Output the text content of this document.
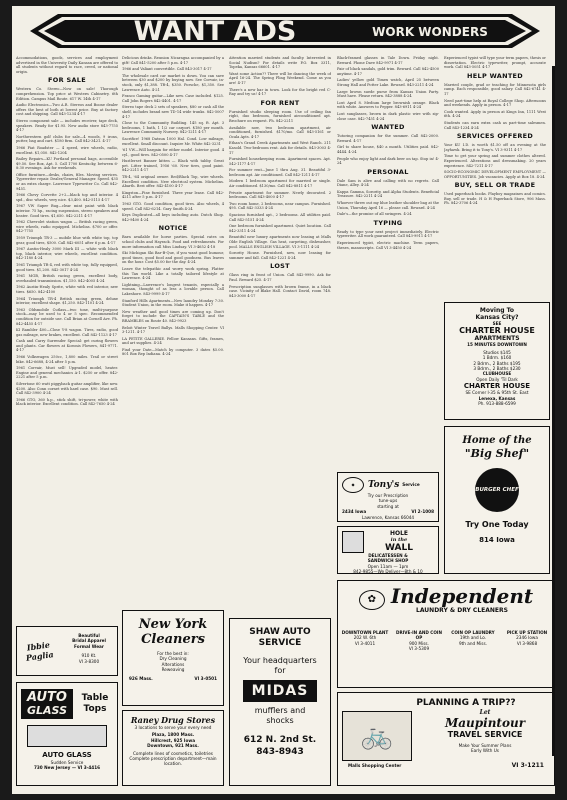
WANT ADS	WORK WONDERS

Accommodations, goods, services and employment advertised in the University Daily Kansan are offered to all students without regard to race, creed, or national origin.

FOR SALE

Western Co. Stereo—Now on sale! Thorough comprehension. Top price at Western Cabinetry. 6th Edition. Campus Mail Route. 617 W. 14th 4-17

Audio Electronics—Two A.R. Stereos and Boone dealer offers the best of both at lowest price. Buy at factory cost and shipping. Call 843-1234 4-17

Stereo component sale — includes receiver, tape deck, speakers. Ready for $1.95. New audio store 843-7755 4-17

Northwestern golf clubs for sale—4 woods, 9 irons, putter, bag and cart. $180 firm. Call 842-3421. 4-17

1966 Fiat Roadster — 4 speed, wire wheels, radio, excellent. $1,050. 842-1204

Bailey Repairs—KU Portland personal bags, accessible $9.50. See Box, Apt. 5. Call 1700 Kentucky, between 6-8:30 evenings. Ask for weekends.

Office furniture—desks, chairs, files. Moving services. Typewriter repair. Dealer/General Manager. Speed. $35 or an extra charge. Lawrence Typewriter Co. Call 842-9451.

1966 Chevy Corvette 2+2—black top and interior. 4 spd., disc wheels, very nice. $3,400. 842-5115 4-17

1967 VW Super Bug—clear mint paint with black interior. 75 hp., racing suspension, stereo speakers and heater. Good tires. $1,650. 842-2211 4-17

1962 Chevrolet station wagon — British racing green, wire wheels, radio equipped. Michelins. $700 or offer. 842-7755

1959 Triumph TR-3 — mobile blue with white top, top gear, good tires, $500. Call 842-6051 after 6 p.m. 4-17

1967 Austin-Healy 3000 Mark III — white with black top, black interior, wire wheels, excellent condition. 842-1180 4-24

1961 Triumph TR-4, red with white top, fully equipped, good tires. $1,200. 842-3017 4-24

1961 MGB, British racing green, excellent body, overhauled transmission. $1,150. 842-4005 4-24

1962 Austin-Healy Sprite, white with red interior, new tires. $650. 842-4100

1964 Triumph TR-4 British racing green, deluxe interior, excellent shape. $1,250. 842-1101 4-24

1963 Oldsmobile Cutlass—two tone, multi-purpose stock—may be used to 4 or 5 spec. Recommended condition for outside use. Call Brian at Cornell Ave. Ph. 842-4455 4-17

KI Rambler 400—Close Y-8 wagon. Tires, radio, good gas mileage, new brakes, excellent. Call 842-1123 4-17

Cash and Carry Surrender Special: get curing flowers and plants. Car flowers at Koronis Flowers, 841-9771. 4-17

1966 Volkswagen 250cc, 1,800 miles. Trail or street bike. 842-6688, 4-24 after 5 p.m.

1961 Corvair, Must sell! Upgraded model, heater. Engine and general mechanics A-1. $250 or offer. 842-2221 after 5 p.m.

Silvertone 60 watt piggyback guitar amplifier, like new. $200. Also Conn cornet with hard case. $90. Must sell. Call 842-3900 4-24

1966 GTO, 360 h.p., stick shift, tri-power, white with black interior. Excellent condition. Call 842-7650 4-24

Delicious drinks. Reunion Nicaragua accompanied by a gift! Call 841-5200 after 5 p.m. 4-17

1966 and Valiant convertible. Call 843-3017 4-17

The wholesale card car market is down. You can save between $30 and $200 by buying now. See Corvair, in-stock, only $1,388. TR-4, $350. Porsche, $1,350. See Lawrence Auto. 4-21

Franco Gaming guitar—Like new. Case included. $125. Call John Rogers 842-4401. 4-17

Stereo tape deck 2 sets of speakers, $80 or cash all the shelf, includes brand new TD-14 wide trunks. 842-5007 4-17

Close to the Community Building. 145 sq. ft. Apt. 3 bedrooms, 1 bath, 1 1/2 car carport. $180 per month. Lawrence Community Nursery. 842-1211 4-17

Sacrifice! 1968 Datsun 1000 Hal. Cond. Low mileage, excellent. Small discount. Inquire Mr. White 842-3231

'61 VW—Will bargain for either model. Interior good. 4 cyl., good tires. 842-0500 4-17

Hustlerset Banner kitten — Black with tabby. Great pet. Litter trained, 1956 '60. New tires, good paint. 842-2211 4-17

TR-4, '64 original owner. Red/Black Top, wire wheels. Excellent condition. New electrical system. Michelins. Abarth. Best offer. 842-4100 4-17

Kingston—Fine furnished. Three year lease. Call 842-4211 after 5 p.m. 4-17

1963 GTO. Good condition, good tires. Also wheels, 4 speed. Call 842-6214. Gary Smith 4-24

Keys Duplicated—all keys including auto. Dutch Shop. 842-9400 4-24

NOTICE

Barn available for horse parties. Special rates on school clubs and Hayrack. Food and refreshments. For more information call Miss Lindsay. VI 3-4652 4-18

Ski Michigan Ski Bar-B-Que, if you want good humour, good times, good food and good goodness. Bus leaves on the hour. Cost $5.00 for the day. 4-24

Leave the telepathic and worry work spring. Flatter this Tax world. Like a totally tailored lifestyle at Lawrence. 4-24

Lightning—Lawrence's longest tenants, especially a woman, thought of as less a lovable person. Call Lakeshore. 843-9999 4-17

Stanford Hills Apartments—New laundry Monday 7:30. Student Union, in the room. Make it happen. 4-17

New weather and good times are coming up. Don't forget to include the CAPTAIN'S TABLE and the BRAMBLES on Route 40. 842-9923

Beloit Winter Travel Ballys. Malls Shopping Center. VI 3-1211. 4-17

LA PETITE GALLERIE. Fellow Kansans. Gifts, frames, and art supplies. 4-24

Find your Date—Match by computer. 3 dates $5.00. 801 Box Rep Indiana. 4-24

Attention married students and faculty. Interested in Social Nudism? For details write P.O. Box 3311, Topeka, Kansas 66601. 4-17

Want some Action?? There will be dancing the week of April 16-24. The Spring Fling Weekend. Come as you are! 4-17

There's a new bar in town. Look for the bright red C-Ray and try us! 4-17

FOR RENT

Furnished studio sleeping room. Use of ceiling fan right, duo bedroom, furnished airconditioned apt. Brochure on request. Ph. 842-2211

Available now, two bedroom apartment, air conditioned, furnished. $170/mo. Call 843-5161 or Ocala Apts. 4-17

Ethan's Grand Creek Apartments and West Ranch. 211 Kasold. Two-bedroom rent. Ask for details. 843-3003 4-17

Furnished housekeeping room. Apartment spaces. Apt. 542-1177 4-17

For summer rent—June 1 thru Aug. 31. Beautiful 3-bedroom apt. Air conditioned. Call 842-1211 4-17

Modern 1 bedroom apartment for married or single. Air conditioned. $130/mo. Call 842-8811 4-17

Private apartment for summer. Newly decorated. 2 bedrooms. Call 843-4000 4-17

Two room home, 2 bedrooms, near campus. Furnished. $95. Call 842-3333 4-24

Spacious furnished apt., 2 bedrooms. All utilities paid. Call 842-5151 4-24

One bedroom furnished apartment. Quiet location. Call 842-3311 4-24

Beautiful new luxury apartments now leasing at Malls Olde English Village. Gas heat, carpeting, dishwasher, pool. MALLS ENGLISH VILLAGE. VI 3-1111 4-24

Sorority House. Furnished, new, now leasing for summer and fall. Call 842-1221 4-24

LOST

Glass ring in front of Union. Call 842-9990. Ask for Paul. Reward $25. 4-17

Prescription sunglasses with brown frame, in a black case. Vicinity of Blake Hall. Contact David, room 748. 843-3000 4-17

Black-framed glasses in Tale Down. Friday night. Reward. Phone Dave 842-9971 4-17

Pair of black sandals, gold trim. Reward. Call 842-4500 anytime. 4-17

Ladies' yellow gold Timex watch, April 25 between Strong Hall and Potter Lake. Reward. 843-2211 4-24

Large brown suede purse from Kansas Union Party. Must have. Please return. 842-3888 4-24

Lost April 8. Medium large brownish orange. Black with white. Answers to Pepper. 843-6911 4-24

Lost sunglasses, brown in dark plastic wire with zip-close case. 842-7451 4-24

WANTED

Tutoring companion for the summer. Call 842-2000. Reward. 4-17

Girl to share house, $40 a month. Utilities paid. 842-4444. 4-24

People who enjoy light and dark beer on tap. Stop in! 4-24

PERSONAL

Dale Sam is alive and calling with no regrets. Call Diane, Alley. 4-24

Kappa Gamma, Sorority, and Alpha Students. Beneficial Treasure. 842-2211 4-24

Whoever threw out my blue leather shoulder bag at the Union, Thursday April 16 — please call. Reward. 4-24

Dale's—the promise of all swingers. 4-24

TYPING

Ready to type your next project immediately. Electric typewriter. All work guaranteed. Call 843-9911 4-17

Experienced typist, electric machine. Term papers, theses, manuscripts. Call VI 3-4450 4-24

Experienced typist will type your term papers, thesis or dissertation. Electric typewriter, prompt, accurate work. Call 843-5051 4-17

HELP WANTED

Married couple, grad or teaching for Minnesota girls camp. Each responsible, good salary. Call 842-6741 4-17

Need part-time help at Royal College Shop. Afternoons and weekends. Apply in person. 4-17

Cook wanted. Apply in person at Kings Inn, 1111 West 6th. 4-24

Students can earn extra cash as part-time salesmen. Call 843-1234 4-24

SERVICES OFFERED

Your KU I.D. is worth $1.50 off an evening at the Jayhawk. Bring it to Tony's. VI 3-9311 4-17

Time to get your spring and summer clothes altered. Experienced. Alterations and dressmaking. 20 years experience. 842-7211 4-17

SOCIO-ECONOMIC DEVELOPMENT EMPLOYMENT — OPPORTUNITIES. Job vacancies. Apply at Box 18. 4-24

BUY, SELL OR TRADE

Used paperback books. Playboy magazines and comics. Buy, sell or trade. H & H Paperback Store, 906 Mass. Ph. 842-3706 4-24

New York
Cleaners
For the best in:
Dry Cleaning
Alterations
Reweaving
926 Mass.	VI 3-0501
Ibbie Paglia
Beautiful
Bridal Apparel
Formal Wear
910 Kt.
VI 3-8300
AUTO
GLASS
Table
Tops
AUTO GLASS
Sudden Service
730 New Jersey — VI 3-4416
Raney Drug Stores
3 locations to serve your every need
Plaza, 1800 Mass.
Hillcrest, 925 Iowa
Downtown, 921 Mass.
Complete lines of cosmetics, toiletries
Complete prescription department—main location.
SHAW AUTO
SERVICE
Your headquarters
for
MIDAS
mufflers and
shocks
612 N. 2nd St.
843-8943
◆	Tony's Service
Try our Prescription
tune-ups
starting at
2434 Iowa	VI 2-1008
Lawrence, Kansas 66044
HOLE
in the
WALL
DELICATESSEN &
SANDWICH SHOP
Open 11am — 1pm
842-9855—We Deliver—8th & 10
✿ Independent
LAUNDRY & DRY CLEANERS
DOWNTOWN PLANT
202 W. 6th
VI 3-4011
DRIVE-IN AND COIN OP
900 Miss.
VI 3-5309
COIN OP LAUNDRY
19th and Lo.
9th and Miss.
PICK UP STATION
2346 Iowa
VI 3-9868
Moving To
Kansas City?
SEE
CHARTER HOUSE
APARTMENTS
15 MINUTES DOWNTOWN
Studios $145
1 Bdrm. $160
2 Bdrm., 2 Baths $195
3 Bdrm., 2 Baths $230
CLUBHOUSE
Open Daily 'Til Dark
CHARTER HOUSE
SE Corner I-35 & 95th St. East
Lenexa, Kansas
Ph. 913-888-6599
Home of the
"Big Shef"
BURGER CHEF
Try One Today
814 Iowa
PLANNING A TRIP??
🚲
Let
Maupintour
TRAVEL SERVICE
Make Your Summer Plans
Early With Us
Malls Shopping Center	VI 3-1211
